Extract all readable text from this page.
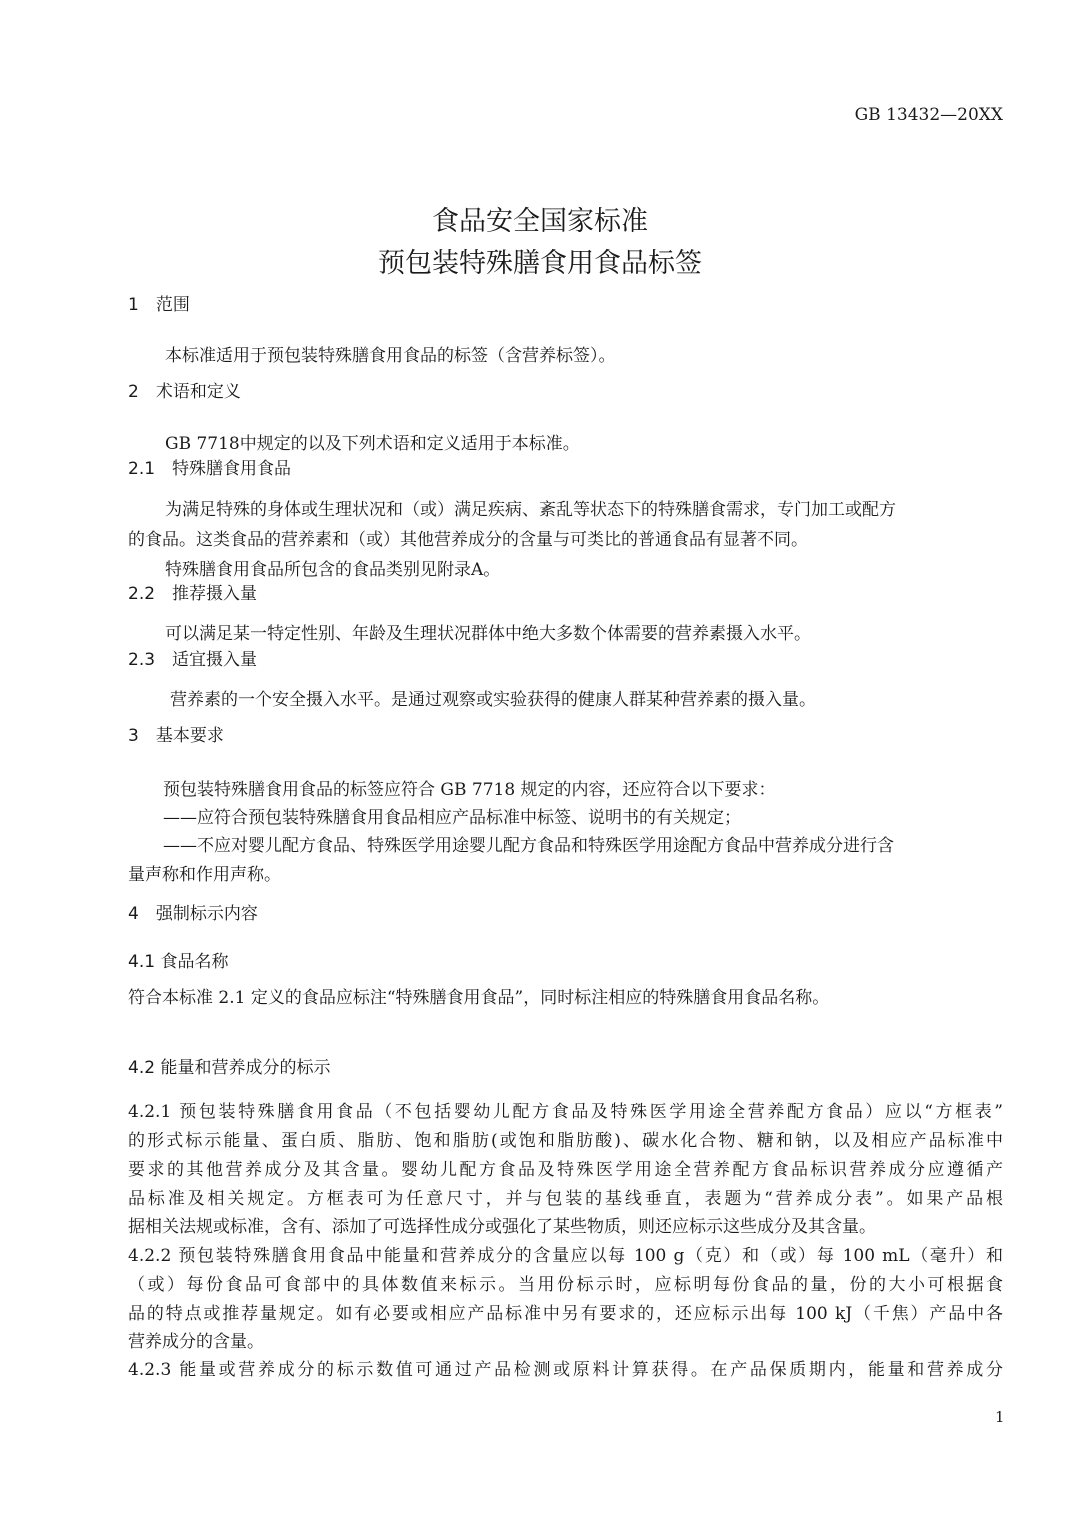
GB 13432—20XX
食品安全国家标准
预包装特殊膳食用食品标签
1　范围
本标准适用于预包装特殊膳食用食品的标签（含营养标签）。
2　术语和定义
GB 7718中规定的以及下列术语和定义适用于本标准。
2.1　特殊膳食用食品
为满足特殊的身体或生理状况和（或）满足疾病、紊乱等状态下的特殊膳食需求，专门加工或配方
的食品。这类食品的营养素和（或）其他营养成分的含量与可类比的普通食品有显著不同。
特殊膳食用食品所包含的食品类别见附录A。
2.2　推荐摄入量
可以满足某一特定性别、年龄及生理状况群体中绝大多数个体需要的营养素摄入水平。
2.3　适宜摄入量
营养素的一个安全摄入水平。是通过观察或实验获得的健康人群某种营养素的摄入量。
3　基本要求
预包装特殊膳食用食品的标签应符合 GB 7718 规定的内容，还应符合以下要求：
——应符合预包装特殊膳食用食品相应产品标准中标签、说明书的有关规定；
——不应对婴儿配方食品、特殊医学用途婴儿配方食品和特殊医学用途配方食品中营养成分进行含
量声称和作用声称。
4　强制标示内容
4.1 食品名称
符合本标准 2.1 定义的食品应标注“特殊膳食用食品”，同时标注相应的特殊膳食用食品名称。
4.2 能量和营养成分的标示
4.2.1 预包装特殊膳食用食品（不包括婴幼儿配方食品及特殊医学用途全营养配方食品）应以“方框表”
的形式标示能量、蛋白质、脂肪、饱和脂肪(或饱和脂肪酸)、碳水化合物、糖和钠，以及相应产品标准中
要求的其他营养成分及其含量。婴幼儿配方食品及特殊医学用途全营养配方食品标识营养成分应遵循产
品标准及相关规定。方框表可为任意尺寸，并与包装的基线垂直，表题为“营养成分表”。如果产品根
据相关法规或标准，含有、添加了可选择性成分或强化了某些物质，则还应标示这些成分及其含量。
4.2.2 预包装特殊膳食用食品中能量和营养成分的含量应以每 100 g（克）和（或）每 100 mL（毫升）和
（或）每份食品可食部中的具体数值来标示。当用份标示时，应标明每份食品的量，份的大小可根据食
品的特点或推荐量规定。如有必要或相应产品标准中另有要求的，还应标示出每 100 kJ（千焦）产品中各
营养成分的含量。
4.2.3 能量或营养成分的标示数值可通过产品检测或原料计算获得。在产品保质期内，能量和营养成分
1
